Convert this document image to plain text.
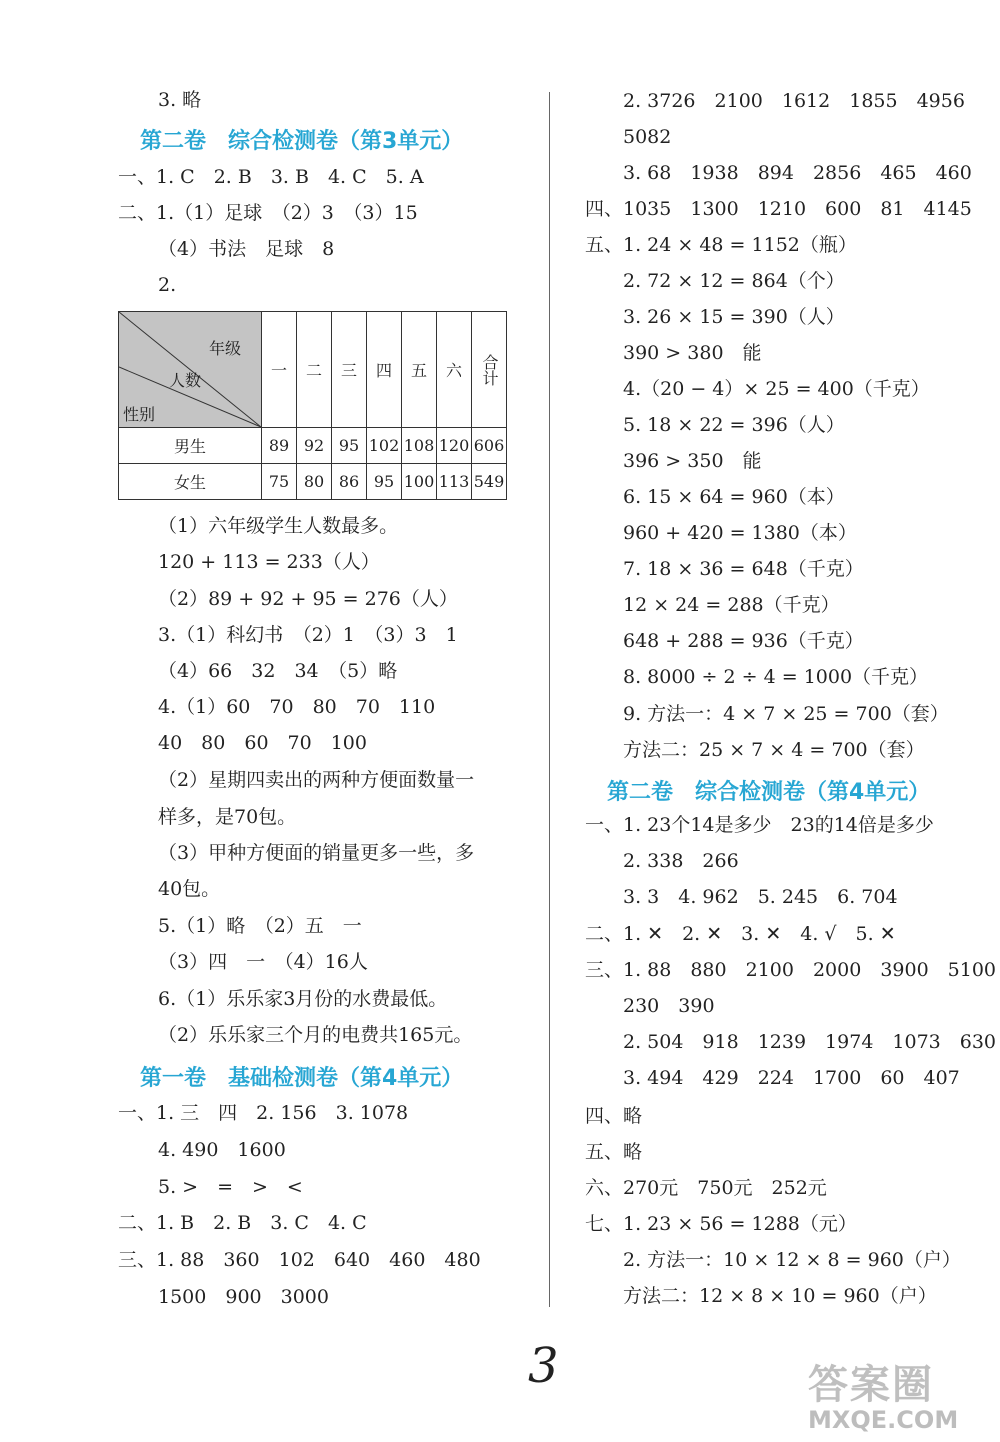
3. 略
第二卷　综合检测卷（第3单元）
一、1. C　2. B　3. B　4. C　5. A
二、1.（1）足球　（2）3　（3）15
（4）书法　足球　8
2.
年级
人数
性别	一	二	三	四	五	六	合计
男生	89	92	95	102	108	120	606
女生	75	80	86	95	100	113	549
（1）六年级学生人数最多。
120 + 113 = 233（人）
（2）89 + 92 + 95 = 276（人）
3.（1）科幻书　（2）1　（3）3　1
（4）66　32　34　（5）略
4.（1）60　70　80　70　110
40　80　60　70　100
（2）星期四卖出的两种方便面数量一
样多，是70包。
（3）甲种方便面的销量更多一些，多
40包。
5.（1）略　（2）五　一
（3）四　一　（4）16人
6.（1）乐乐家3月份的水费最低。
（2）乐乐家三个月的电费共165元。
第一卷　基础检测卷（第4单元）
一、1. 三　四　2. 156　3. 1078
4. 490　1600
5. >　=　>　<
二、1. B　2. B　3. C　4. C
三、1. 88　360　102　640　460　480
1500　900　3000
2. 3726　2100　1612　1855　4956
5082
3. 68　1938　894　2856　465　460
四、1035　1300　1210　600　81　4145
五、1. 24 × 48 = 1152（瓶）
2. 72 × 12 = 864（个）
3. 26 × 15 = 390（人）
390 > 380　能
4.（20 − 4）× 25 = 400（千克）
5. 18 × 22 = 396（人）
396 > 350　能
6. 15 × 64 = 960（本）
960 + 420 = 1380（本）
7. 18 × 36 = 648（千克）
12 × 24 = 288（千克）
648 + 288 = 936（千克）
8. 8000 ÷ 2 ÷ 4 = 1000（千克）
9. 方法一：4 × 7 × 25 = 700（套）
方法二：25 × 7 × 4 = 700（套）
第二卷　综合检测卷（第4单元）
一、1. 23个14是多少　23的14倍是多少
2. 338　266
3. 3　4. 962　5. 245　6. 704
二、1. ✕　2. ✕　3. ✕　4. √　5. ✕
三、1. 88　880　2100　2000　3900　5100
230　390
2. 504　918　1239　1974　1073　630
3. 494　429　224　1700　60　407
四、略
五、略
六、270元　750元　252元
七、1. 23 × 56 = 1288（元）
2. 方法一：10 × 12 × 8 = 960（户）
方法二：12 × 8 × 10 = 960（户）
3	答案圈
MXQE.COM
